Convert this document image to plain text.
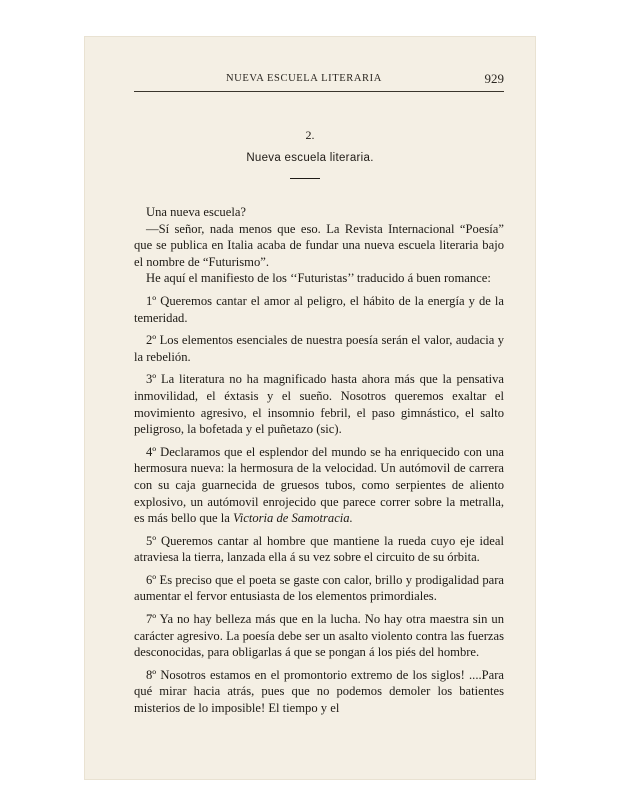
NUEVA ESCUELA LITERARIA	929
2.
Nueva escuela literaria.

Una nueva escuela?

—Sí señor, nada menos que eso. La Revista Internacional “Poesía” que se publica en Italia acaba de fundar una nueva escuela literaria bajo el nombre de “Futurismo”.

He aquí el manifiesto de los ‘‘Futuristas’’ traducido á buen romance:

1º Queremos cantar el amor al peligro, el hábito de la energía y de la temeridad.

2º Los elementos esenciales de nuestra poesía serán el valor, audacia y la rebelión.

3º La literatura no ha magnificado hasta ahora más que la pensativa inmovilidad, el éxtasis y el sueño. Nosotros queremos exaltar el movimiento agresivo, el insomnio febril, el paso gimnástico, el salto peligroso, la bofetada y el puñetazo (sic).

4º Declaramos que el esplendor del mundo se ha enriquecido con una hermosura nueva: la hermosura de la velocidad. Un autómovil de carrera con su caja guarnecida de gruesos tubos, como serpientes de aliento explosivo, un autómovil enrojecido que parece correr sobre la metralla, es más bello que la Victoria de Samotracia.

5º Queremos cantar al hombre que mantiene la rueda cuyo eje ideal atraviesa la tierra, lanzada ella á su vez sobre el circuito de su órbita.

6º Es preciso que el poeta se gaste con calor, brillo y prodigalidad para aumentar el fervor entusiasta de los elementos primordiales.

7º Ya no hay belleza más que en la lucha. No hay otra maestra sin un carácter agresivo. La poesía debe ser un asalto violento contra las fuerzas desconocidas, para obligarlas á que se pongan á los piés del hombre.

8º Nosotros estamos en el promontorio extremo de los siglos! ....Para qué mirar hacia atrás, pues que no podemos demoler los batientes misterios de lo imposible! El tiempo y el
